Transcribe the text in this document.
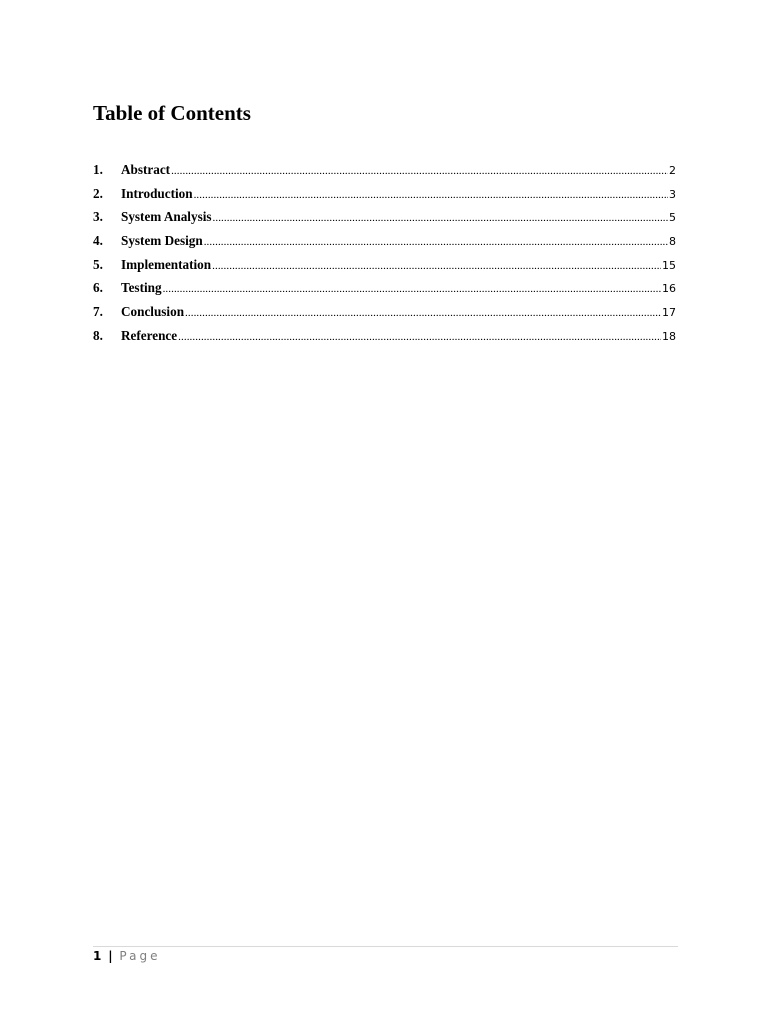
Table of Contents
1.	Abstract .....	2
2.	Introduction .....	3
3.	System Analysis .....	5
4.	System Design .....	8
5.	Implementation .....	15
6.	Testing .....	16
7.	Conclusion .....	17
8.	Reference .....	18
1 | Page
